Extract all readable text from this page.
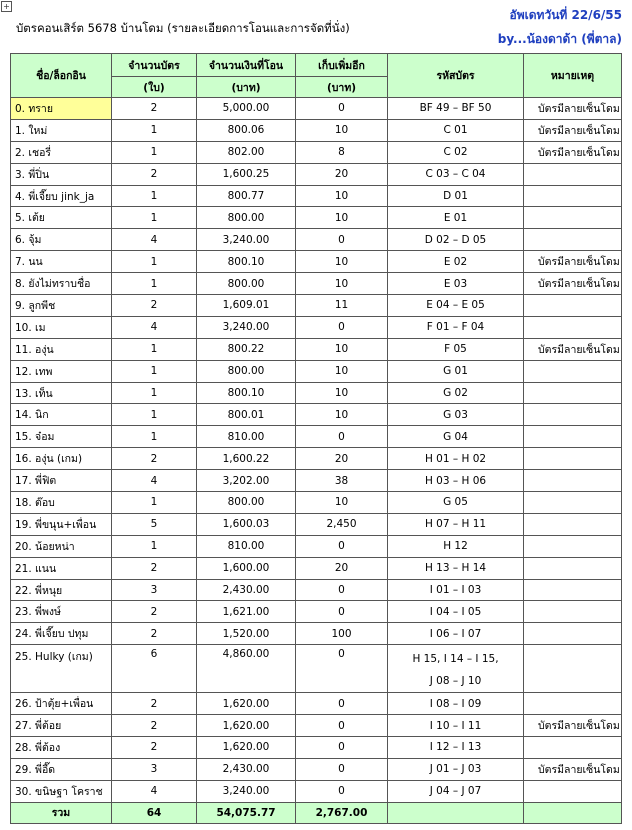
+
บัตรคอนเสิร์ต 5678 บ้านโดม (รายละเอียดการโอนและการจัดที่นั่ง)
อัพเดทวันที่ 22/6/55
by...น้องดาด้า (พี่ตาล)
ชื่อ/ล็อกอิน	จำนวนบัตร	จำนวนเงินที่โอน	เก็บเพิ่มอีก	รหัสบัตร	หมายเหตุ
	(ใบ)	(บาท)	(บาท)		
0. ทราย	2	5,000.00	0	BF 49 – BF 50	บัตรมีลายเซ็นโดม
1. ใหม่	1	800.06	10	C 01	บัตรมีลายเซ็นโดม
2. เชอรี่	1	802.00	8	C 02	บัตรมีลายเซ็นโดม
3. พี่ปิ่น	2	1,600.25	20	C 03 – C 04	
4. พี่เจี๊ยบ jink_ja	1	800.77	10	D 01	
5. เต้ย	1	800.00	10	E 01	
6. จุ้ม	4	3,240.00	0	D 02 – D 05	
7. นน	1	800.10	10	E 02	บัตรมีลายเซ็นโดม
8. ยังไม่ทราบชื่อ	1	800.00	10	E 03	บัตรมีลายเซ็นโดม
9. ลูกพีช	2	1,609.01	11	E 04 – E 05	
10. เม	4	3,240.00	0	F 01 – F 04	
11. องุ่น	1	800.22	10	F 05	บัตรมีลายเซ็นโดม
12. เทพ	1	800.00	10	G 01	
13. เท็น	1	800.10	10	G 02	
14. นิก	1	800.01	10	G 03	
15. จ๋อม	1	810.00	0	G 04	
16. องุ่น (เกม)	2	1,600.22	20	H 01 – H 02	
17. พี่ฟิต	4	3,202.00	38	H 03 – H 06	
18. ต๊อบ	1	800.00	10	G 05	
19. พี่ขนุน+เพื่อน	5	1,600.03	2,450	H 07 – H 11	
20. น้อยหน่า	1	810.00	0	H 12	
21. แนน	2	1,600.00	20	H 13 – H 14	
22. พี่หนุย	3	2,430.00	0	I 01 – I 03	
23. พี่พงษ์	2	1,621.00	0	I 04 – I 05	
24. พี่เจี๊ยบ ปทุม	2	1,520.00	100	I 06 – I 07	
25. Hulky (เกม)	6	4,860.00	0	H 15, I 14 – I 15,
J 08 – J 10	

26. ป้าตุ้ย+เพื่อน	2	1,620.00	0	I 08 – I 09	
27. พี่ต้อย	2	1,620.00	0	I 10 – I 11	บัตรมีลายเซ็นโดม
28. พี่ต้อง	2	1,620.00	0	I 12 – I 13	
29. พี่อี๊ด	3	2,430.00	0	J 01 – J 03	บัตรมีลายเซ็นโดม
30. ขนิษฐา โคราช	4	3,240.00	0	J 04 – J 07	
รวม	64	54,075.77	2,767.00		
